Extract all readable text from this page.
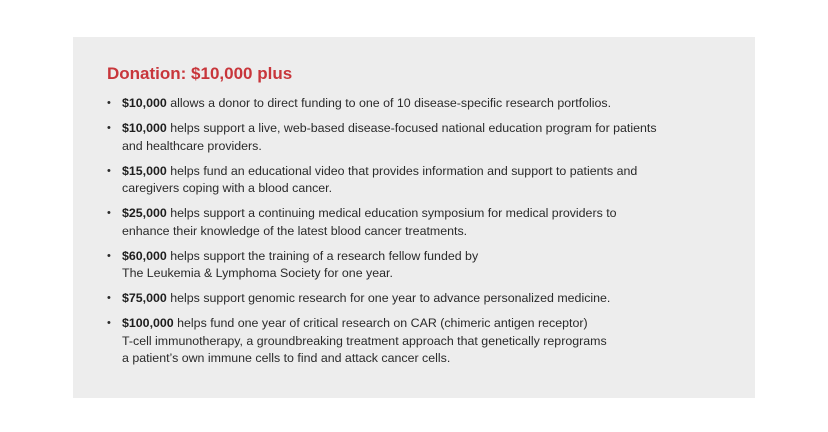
Donation: $10,000 plus
• $10,000 allows a donor to direct funding to one of 10 disease-specific research portfolios.
• $10,000 helps support a live, web-based disease-focused national education program for patients
and healthcare providers.
• $15,000 helps fund an educational video that provides information and support to patients and
caregivers coping with a blood cancer.
• $25,000 helps support a continuing medical education symposium for medical providers to
enhance their knowledge of the latest blood cancer treatments.
• $60,000 helps support the training of a research fellow funded by
The Leukemia & Lymphoma Society for one year.
• $75,000 helps support genomic research for one year to advance personalized medicine.
• $100,000 helps fund one year of critical research on CAR (chimeric antigen receptor)
T-cell immunotherapy, a groundbreaking treatment approach that genetically reprograms
a patient’s own immune cells to find and attack cancer cells.
